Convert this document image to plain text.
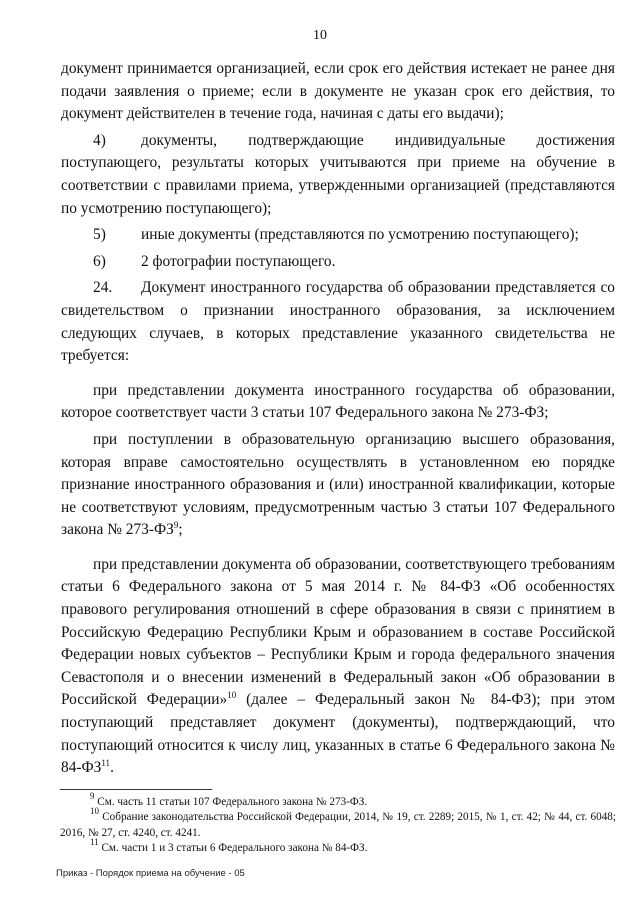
10

документ принимается организацией, если срок его действия истекает не ранее дня подачи заявления о приеме; если в документе не указан срок его действия, то документ действителен в течение года, начиная с даты его выдачи);

4) документы, подтверждающие индивидуальные достижения поступающего, результаты которых учитываются при приеме на обучение в соответствии с правилами приема, утвержденными организацией (представляются по усмотрению поступающего);

5) иные документы (представляются по усмотрению поступающего);

6) 2 фотографии поступающего.

24. Документ иностранного государства об образовании представляется со свидетельством о признании иностранного образования, за исключением следующих случаев, в которых представление указанного свидетельства не требуется:

при представлении документа иностранного государства об образовании, которое соответствует части 3 статьи 107 Федерального закона № 273-ФЗ;

при поступлении в образовательную организацию высшего образования, которая вправе самостоятельно осуществлять в установленном ею порядке признание иностранного образования и (или) иностранной квалификации, которые не соответствуют условиям, предусмотренным частью 3 статьи 107 Федерального закона № $273-ФЗ^9$;

при представлении документа об образовании, соответствующего требованиям статьи 6 Федерального закона от 5 мая 2014 г. № 84-ФЗ «Об особенностях правового регулирования отношений в сфере образования в связи с принятием в Российскую Федерацию Республики Крым и образованием в составе Российской Федерации новых субъектов – Республики Крым и города федерального значения Севастополя и о внесении изменений в Федеральный закон «Об образовании в Российской Федерации»$^{10}$ (далее – Федеральный закон № 84-ФЗ); при этом поступающий представляет документ (документы), подтверждающий, что поступающий относится к числу лиц, указанных в статье 6 Федерального закона № 84-ФЗ$^{11}$.

$^9$ См. часть 11 статьи 107 Федерального закона № 273-ФЗ.

$^{10}$ Собрание законодательства Российской Федерации, 2014, № 19, ст. 2289; 2015, № 1, ст. 42; № 44, ст. 6048; 2016, № 27, ст. 4240, ст. 4241.

$^{11}$ См. части 1 и 3 статьи 6 Федерального закона № 84-ФЗ.

Приказ - Порядок приема на обучение - 05
